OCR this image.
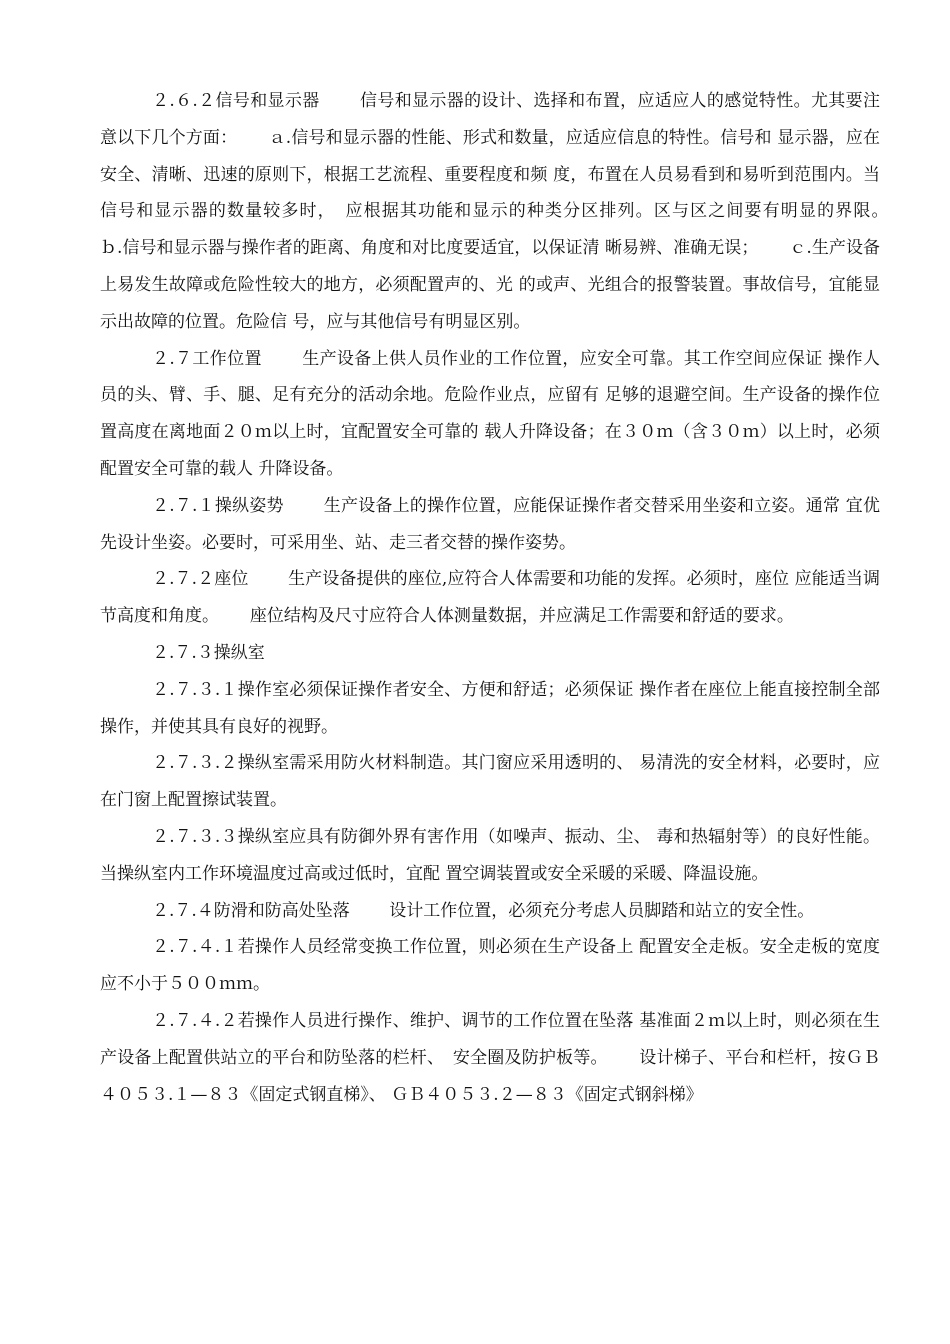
２.６.２信号和显示器　　 信号和显示器的设计、选择和布置，应适应人的感觉特性。尤其要注 意以下几个方面：　　 ａ.信号和显示器的性能、形式和数量，应适应信息的特性。信号和 显示器，应在安全、清晰、迅速的原则下，根据工艺流程、重要程度和频 度，布置在人员易看到和易听到范围内。当信号和显示器的数量较多时，　应根据其功能和显示的种类分区排列。区与区之间要有明显的界限。　　 ｂ.信号和显示器与操作者的距离、角度和对比度要适宜，以保证清 晰易辨、准确无误；　　 ｃ.生产设备上易发生故障或危险性较大的地方，必须配置声的、光 的或声、光组合的报警装置。事故信号，宜能显示出故障的位置。危险信 号，应与其他信号有明显区别。

２.７工作位置　　 生产设备上供人员作业的工作位置，应安全可靠。其工作空间应保证 操作人员的头、臂、手、腿、足有充分的活动余地。危险作业点，应留有 足够的退避空间。生产设备的操作位置高度在离地面２０ｍ以上时，宜配置安全可靠的 载人升降设备；在３０ｍ（含３０ｍ）以上时，必须配置安全可靠的载人 升降设备。

２.７.１操纵姿势　　 生产设备上的操作位置，应能保证操作者交替采用坐姿和立姿。通常 宜优先设计坐姿。必要时，可采用坐、站、走三者交替的操作姿势。

２.７.２座位　　 生产设备提供的座位,应符合人体需要和功能的发挥。必须时，座位 应能适当调节高度和角度。　　 座位结构及尺寸应符合人体测量数据，并应满足工作需要和舒适的要求。

２.７.３操纵室

２.７.３.１操作室必须保证操作者安全、方便和舒适；必须保证 操作者在座位上能直接控制全部操作，并使其具有良好的视野。

２.７.３.２操纵室需采用防火材料制造。其门窗应采用透明的、 易清洗的安全材料，必要时，应在门窗上配置擦试装置。

２.７.３.３操纵室应具有防御外界有害作用（如噪声、振动、尘、 毒和热辐射等）的良好性能。当操纵室内工作环境温度过高或过低时，宜配 置空调装置或安全采暖的采暖、降温设施。

２.７.４防滑和防高处坠落　　 设计工作位置，必须充分考虑人员脚踏和站立的安全性。

２.７.４.１若操作人员经常变换工作位置，则必须在生产设备上 配置安全走板。安全走板的宽度应不小于５００ｍｍ。

２.７.４.２若操作人员进行操作、维护、调节的工作位置在坠落 基准面２ｍ以上时，则必须在生产设备上配置供站立的平台和防坠落的栏杆、　安全圈及防护板等。　　 设计梯子、平台和栏杆，按ＧＢ４０５３.１—８３《固定式钢直梯》、 ＧＢ４０５３.２—８３《固定式钢斜梯》
